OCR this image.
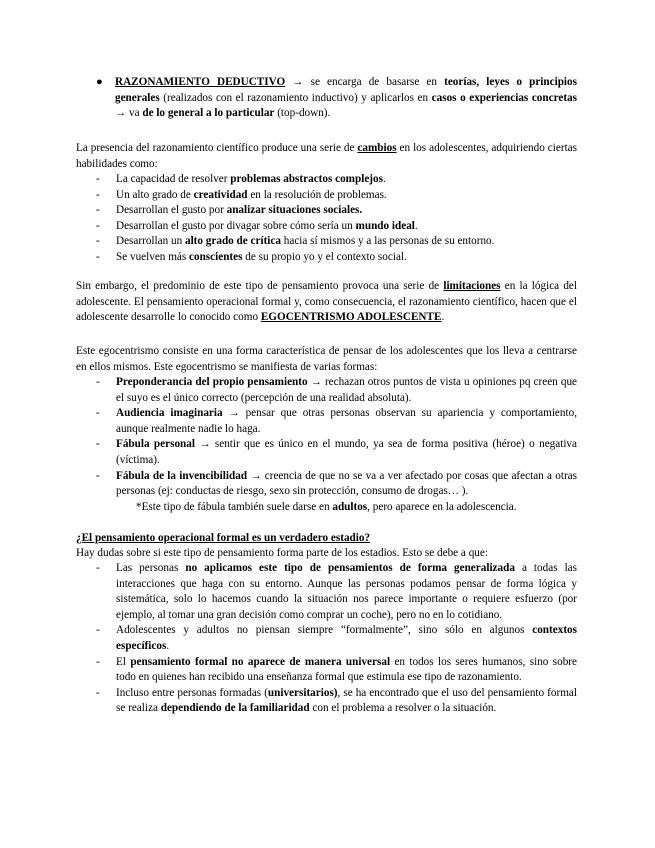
● RAZONAMIENTO DEDUCTIVO → se encarga de basarse en teorías, leyes o principios generales (realizados con el razonamiento inductivo) y aplicarlos en casos o experiencias concretas → va de lo general a lo particular (top-down).
La presencia del razonamiento científico produce una serie de cambios en los adolescentes, adquiriendo ciertas habilidades como:
- La capacidad de resolver problemas abstractos complejos.
- Un alto grado de creatividad en la resolución de problemas.
- Desarrollan el gusto por analizar situaciones sociales.
- Desarrollan el gusto por divagar sobre cómo sería un mundo ideal.
- Desarrollan un alto grado de crítica hacia sí mismos y a las personas de su entorno.
- Se vuelven más conscientes de su propio yo y el contexto social.
Sin embargo, el predominio de este tipo de pensamiento provoca una serie de limitaciones en la lógica del adolescente. El pensamiento operacional formal y, como consecuencia, el razonamiento científico, hacen que el adolescente desarrolle lo conocido como EGOCENTRISMO ADOLESCENTE.
Este egocentrismo consiste en una forma característica de pensar de los adolescentes que los lleva a centrarse en ellos mismos. Este egocentrismo se manifiesta de varias formas:
- Preponderancia del propio pensamiento → rechazan otros puntos de vista u opiniones pq creen que el suyo es el único correcto (percepción de una realidad absoluta).
- Audiencia imaginaria → pensar que otras personas observan su apariencia y comportamiento, aunque realmente nadie lo haga.
- Fábula personal → sentir que es único en el mundo, ya sea de forma positiva (héroe) o negativa (víctima).
- Fábula de la invencibilidad → creencia de que no se va a ver afectado por cosas que afectan a otras personas (ej: conductas de riesgo, sexo sin protección, consumo de drogas… ).
*Este tipo de fábula también suele darse en adultos, pero aparece en la adolescencia.
¿El pensamiento operacional formal es un verdadero estadio?
Hay dudas sobre si este tipo de pensamiento forma parte de los estadios. Esto se debe a que:
- Las personas no aplicamos este tipo de pensamientos de forma generalizada a todas las interacciones que haga con su entorno. Aunque las personas podamos pensar de forma lógica y sistemática, solo lo hacemos cuando la situación nos parece importante o requiere esfuerzo (por ejemplo, al tomar una gran decisión como comprar un coche), pero no en lo cotidiano.
- Adolescentes y adultos no piensan siempre “formalmente”, sino sólo en algunos contextos específicos.
- El pensamiento formal no aparece de manera universal en todos los seres humanos, sino sobre todo en quienes han recibido una enseñanza formal que estimula ese tipo de razonamiento.
- Incluso entre personas formadas (universitarios), se ha encontrado que el uso del pensamiento formal se realiza dependiendo de la familiaridad con el problema a resolver o la situación.
